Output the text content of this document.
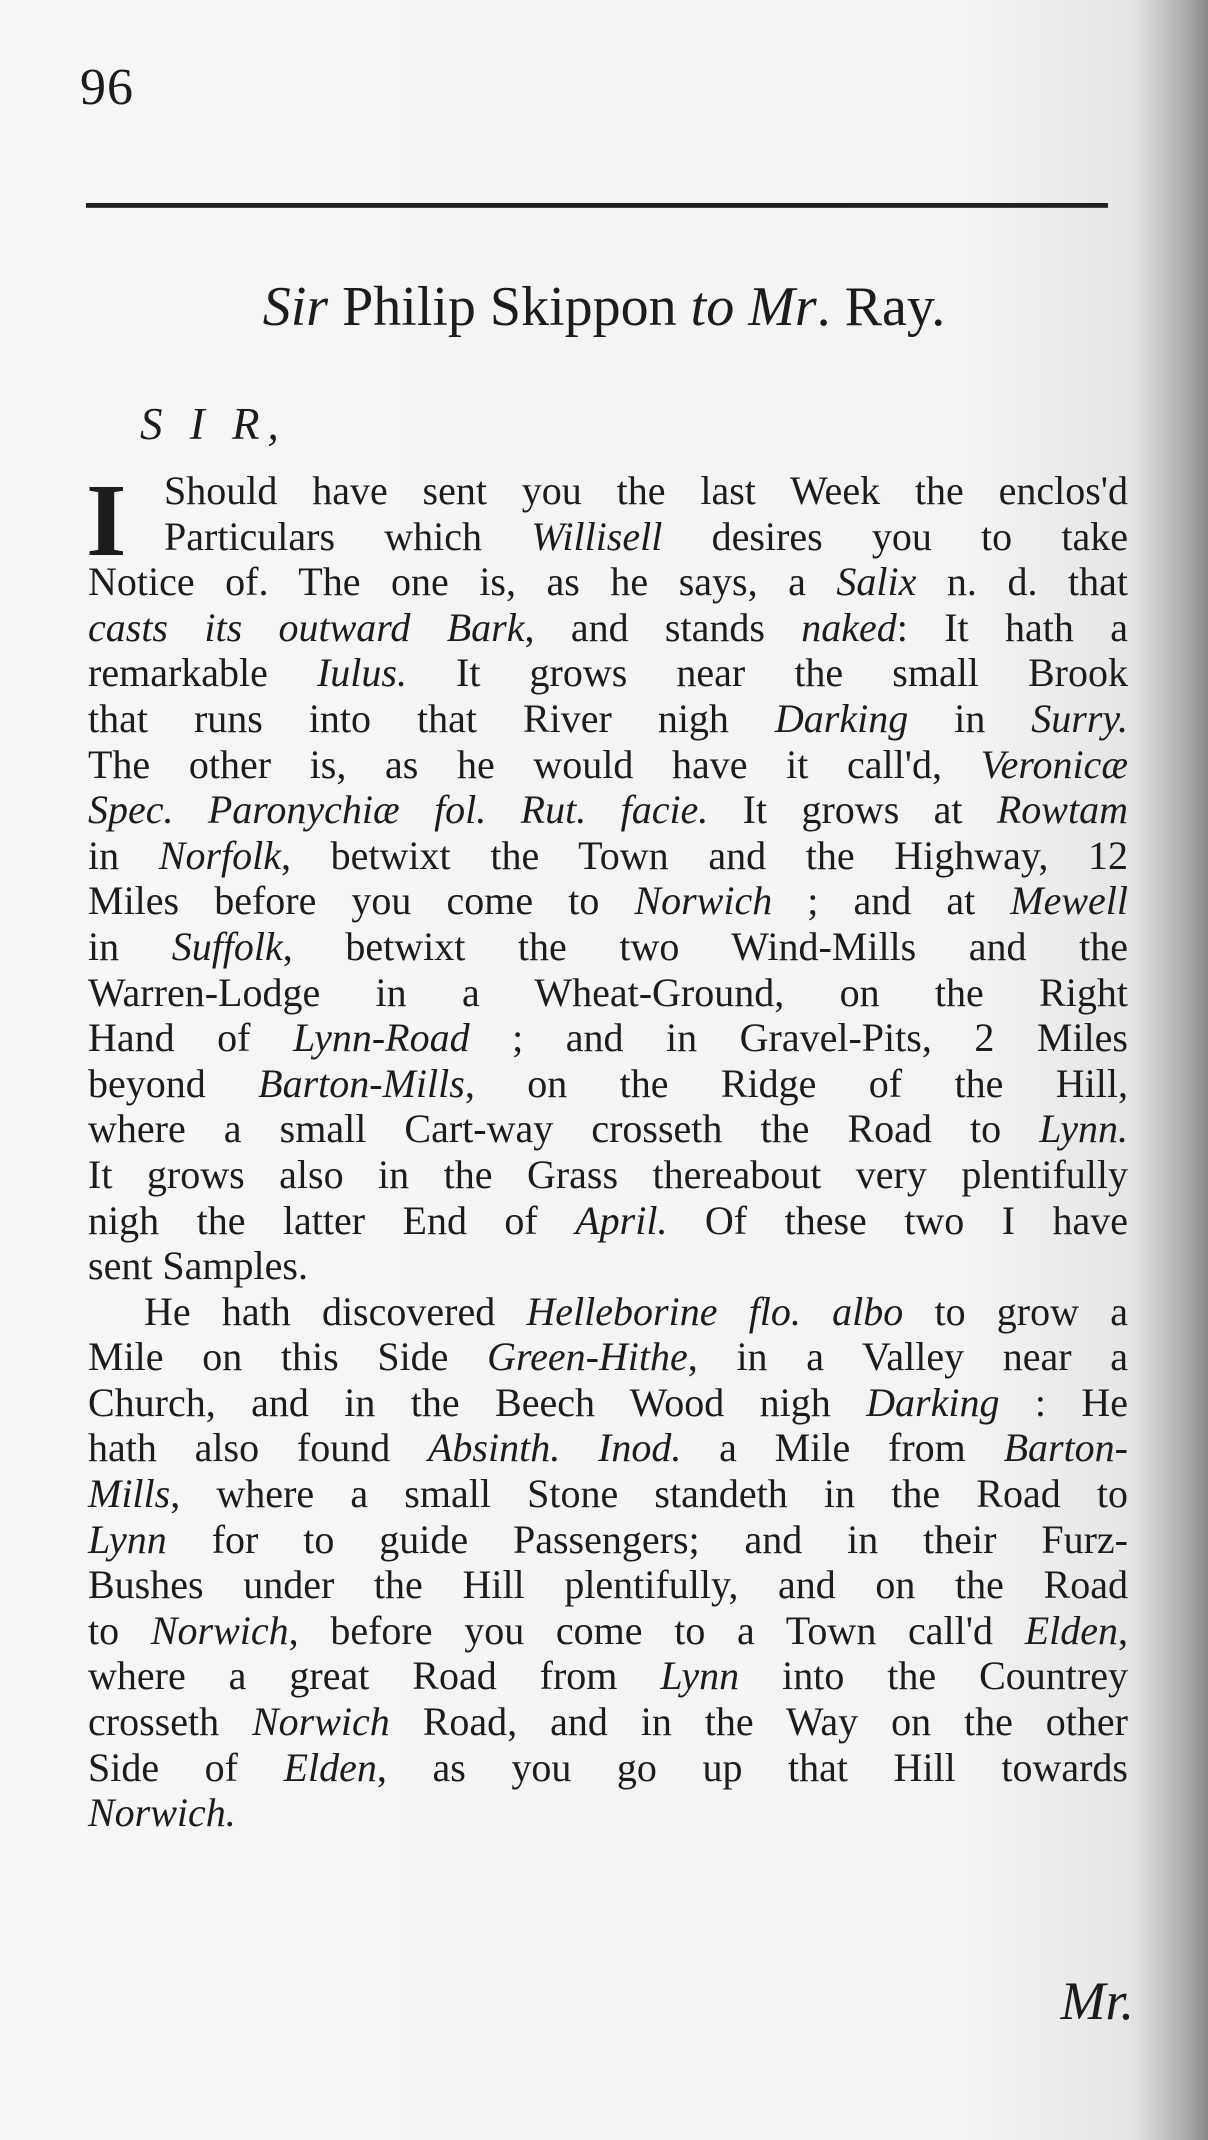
96
Sir Philip Skippon to Mr. Ray.
S I R,
I Should have sent you the last Week the enclos'd
Particulars which Willisell desires you to take
Notice of. The one is, as he says, a Salix n. d. that
casts its outward Bark, and stands naked: It hath a
remarkable Iulus. It grows near the small Brook
that runs into that River nigh Darking in Surry.
The other is, as he would have it call'd, Veronicæ
Spec. Paronychiæ fol. Rut. facie. It grows at Rowtam
in Norfolk, betwixt the Town and the Highway, 12
Miles before you come to Norwich ; and at Mewell
in Suffolk, betwixt the two Wind-Mills and the
Warren-Lodge in a Wheat-Ground, on the Right
Hand of Lynn-Road ; and in Gravel-Pits, 2 Miles
beyond Barton-Mills, on the Ridge of the Hill,
where a small Cart-way crosseth the Road to Lynn.
It grows also in the Grass thereabout very plentifully
nigh the latter End of April. Of these two I have
sent Samples.
He hath discovered Helleborine flo. albo to grow a
Mile on this Side Green-Hithe, in a Valley near a
Church, and in the Beech Wood nigh Darking : He
hath also found Absinth. Inod. a Mile from Barton-
Mills, where a small Stone standeth in the Road to
Lynn for to guide Passengers; and in their Furz-
Bushes under the Hill plentifully, and on the Road
to Norwich, before you come to a Town call'd Elden,
where a great Road from Lynn into the Countrey
crosseth Norwich Road, and in the Way on the other
Side of Elden, as you go up that Hill towards
Norwich.
Mr.
